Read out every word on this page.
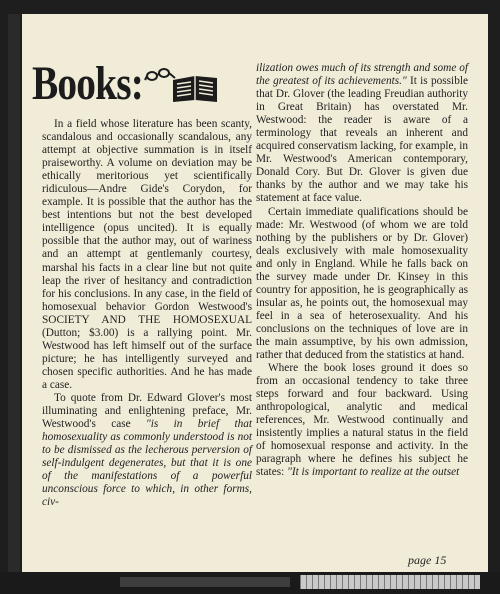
Books:

In a field whose literature has been scanty, scandalous and occasionally scandalous, any attempt at objective summation is in itself praiseworthy. A volume on deviation may be ethically meritorious yet scientifically ridiculous—Andre Gide's Corydon, for example. It is possible that the author has the best intentions but not the best developed intelligence (opus uncited). It is equally possible that the author may, out of wariness and an attempt at gentlemanly courtesy, marshal his facts in a clear line but not quite leap the river of hesitancy and contradiction for his conclusions. In any case, in the field of homosexual behavior Gordon Westwood's SOCIETY AND THE HOMOSEXUAL (Dutton; $3.00) is a rallying point. Mr. Westwood has left himself out of the surface picture; he has intelligently surveyed and chosen specific authorities. And he has made a case.

To quote from Dr. Edward Glover's most illuminating and enlightening preface, Mr. Westwood's case "is in brief that homosexuality as commonly understood is not to be dismissed as the lecherous perversion of self-indulgent degenerates, but that it is one of the manifestations of a powerful unconscious force to which, in other forms, civ-

ilization owes much of its strength and some of the greatest of its achievements." It is possible that Dr. Glover (the leading Freudian authority in Great Britain) has overstated Mr. Westwood: the reader is aware of a terminology that reveals an inherent and acquired conservatism lacking, for example, in Mr. Westwood's American contemporary, Donald Cory. But Dr. Glover is given due thanks by the author and we may take his statement at face value.

Certain immediate qualifications should be made: Mr. Westwood (of whom we are told nothing by the publishers or by Dr. Glover) deals exclusively with male homosexuality and only in England. While he falls back on the survey made under Dr. Kinsey in this country for apposition, he is geographically as insular as, he points out, the homosexual may feel in a sea of heterosexuality. And his conclusions on the techniques of love are in the main assumptive, by his own admission, rather that deduced from the statistics at hand.

Where the book loses ground it does so from an occasional tendency to take three steps forward and four backward. Using anthropological, analytic and medical references, Mr. Westwood continually and insistently implies a natural status in the field of homosexual response and activity. In the paragraph where he defines his subject he states: "It is important to realize at the outset

page 15
